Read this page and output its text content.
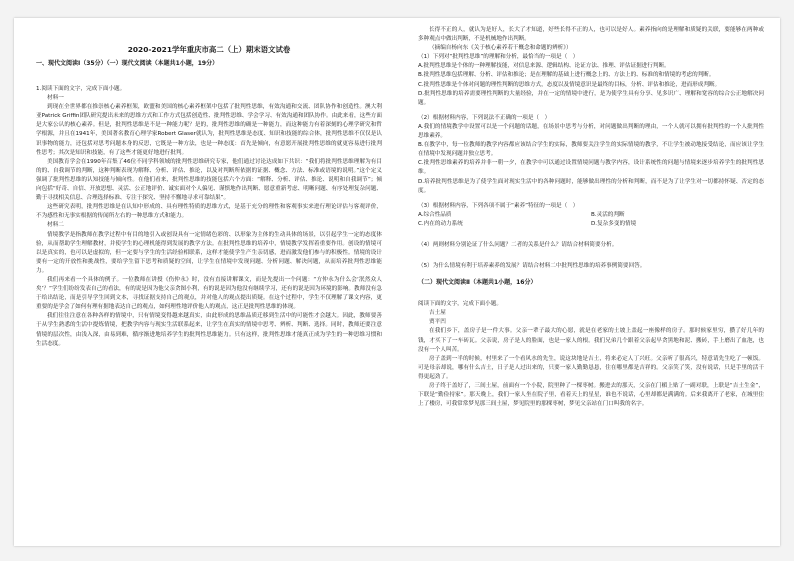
2020-2021学年重庆市高二（上）期末语文试卷
一、现代文阅读Ⅰ（35分）（一）现代文阅读（本题共1小题，19分）

1.阅读下面的文字，完成下面小题。

材料一

到现在全世界都在推崇核心素养框架，欧盟和美国的核心素养框架中包括了批判性思维，有效沟通和交流、团队协作和创造性。澳大利亚Patrick Griffin团队研究提出未来的思维方式和工作方式包括创造性、批判性思维、学会学习、有效沟通和团队协作。由此来看，这些方面是大家公认的核心素养。但是，批判性思维是不是一种能力呢？是的，批判性思维的确是一种能力，而这种能力有着深刻的心理学研究和哲学根源，并且在1941年，美国著名教育心理学家Robert Glaser就认为，批判性思维是态度、知识和技能的综合体，批判性思维不仅仅是认识事物的能力，还包括对思考问题本身的反思，它既是一种方法，也是一种态度：首先是倾向，有意愿开展批判性思维的就更容易进行批判性思考；其次是知识和技能，有了这些才能更好地进行批判。

美国教育学会在1990年召集了46位不同学科领域的批判性思维研究专家，他们通过讨论达成如下共识：“我们将批判性思维理解为有目的的、自我调节的判断，这种判断表现为解释、分析、评估、推论，以及对判断所依据的证据、概念、方法、标准或语境的说明。”这个定义强调了批判性思维的认知技能与倾向性。在他们看来，批判性思维的技能包括六个方面：“解释、分析、评估、推论、说明和自我调节”；倾向包括“好奇、自信、开放思想、灵活、公正地评价、诚实面对个人偏见、谨慎地作出判断、愿意重新考虑、明晰问题、有序处理复杂问题、勤于寻找相关信息、合理选择标准、专注于探究、坚持不懈地寻求可靠结果”。

这些研究表明，批判性思维是在认知中形成的、具有理性特质的思维方式，是基于充分的理性和客观事实来进行理论评估与客观评价，不为感性和无事实根据的传闻所左右的一种思维方式和能力。

材料二

情境教学是指教师在教学过程中有目的地引入或创设具有一定情绪色彩的、以形象为主体的生动具体的场景，以引起学生一定的态度体验，从而帮助学生理解教材，并使学生的心理机能得到发展的教学方法。在批判性思维的培养中，情境教学发挥着重要作用。创设的情境可以是真实的，也可以是虚拟的，但一定要与学生的生活经验相联系，这样才能使学生产生亲切感，进而激发他们参与的积极性。情境的设计要有一定的开放性和挑战性，要给学生留下思考和质疑的空间，让学生在情境中发现问题、分析问题、解决问题，从而培养批判性思维能力。

我们再来看一个具体的例子。一位教师在讲授《伤仲永》时，没有直接讲解课文，而是先提出一个问题：“方仲永为什么会‘泯然众人矣’？”学生们纷纷发表自己的看法，有的说是因为他父亲贪图小利，有的说是因为他没有继续学习，还有的说是因为环境的影响。教师没有急于给出结论，而是引导学生回到文本，寻找证据支持自己的观点，并对他人的观点提出质疑。在这个过程中，学生不仅理解了课文内容，更重要的是学会了如何有理有据地表达自己的观点，如何理性地评价他人的观点，这正是批判性思维的体现。

我们往往注意在各种各样的情境中，只有情境变得越来越真实，由此形成的思维品质迁移到生活中的可能性才会越大。因此，教师要善于从学生熟悉的生活中提炼情境，把教学内容与现实生活联系起来，让学生在真实的情境中思考、辨析、判断、选择。同时，教师还要注意情境的层次性，由浅入深，由易到难，循序渐进地培养学生的批判性思维能力。只有这样，批判性思维才能真正成为学生的一种思维习惯和生活态度。

长得不正的人，就认为是好人，长大了才知道，好些长得不正的人，也可以是好人。素养指向的是理解和质疑的关联，要能够在两种或多种观点中做出判断，不是机械地作出判断。

（摘编自杨向东《关于核心素养若干概念和命题的辨析》）

（1）下列对“批判性思维”的理解和分析，最恰当的一项是（　）

A.批判性思维是个体的一种理解技能，对信息来源、逻辑结构、论证方法、推理、评估证据进行判断。

B.批判性思维包括理解、分析、评估和推论；是在理解的基础上进行概念上的、方法上的、标准的和情境的考虑的判断。

C.批判性思维是个体对问题的理性判断的思维方式，态度以及情境意识是最终的目标，分析、评估和推论，进而形成判断。

D.批判性思维的培养需要理性判断的大量经验，并在一定的情境中进行，是为使学生具有分享、见多识广、理解和宽容的综合公正地解决问题。

（2）根据材料内容，下列说法不正确的一项是（　）

A.我们的情境教学中设置可以是一个问题的话题，在场景中思考与分析，对问题做出判断的理由，一个人就可以拥有批判性的一个人批判性思维素养。

B.在教学中，每一位教师的教学内容都应该结合学生的实际，教师要关注学生的实际情境的教学，不让学生被动地接受结论，而应该让学生在情境中发现问题并独立思考。

C.批判性思维素养的培养并非一朝一夕，在教学中可以通过设置情境问题与教学内容，设计系统性的问题与情境来逐步培养学生的批判性思维。

D.培养批判性思维是为了使学生面对现实生活中的各种问题时，能够做出理性的分析和判断，而不是为了让学生对一切都持怀疑、否定的态度。

（3）根据材料内容，下列各项不属于“素养”特征的一项是（　）

A.综合性品质	B.灵活的判断
C.内在的动力系统	D.复杂多变的情境

（4）两则材料分别论证了什么问题？二者的关系是什么？请结合材料简要分析。

（5）为什么情境有利于培养素养的发展？请结合材料二中批判性思维的培养事例简要回答。

（二）现代文阅读Ⅱ（本题共1小题，16分）

阅读下面的文字，完成下面小题。

吉土屋

贾平凹

在我们乡下，盖房子是一件大事。父亲一辈子最大的心愿，就是在老家的土坡上盖起一座像样的房子。那时候家里穷，攒了好几年的钱，才买下了一车砖瓦。父亲说，房子是人的脸面，也是一家人的根。我们兄弟几个跟着父亲起早贪黑地和泥、搬砖，手上磨出了血泡，也没有一个人叫苦。

房子盖到一半的时候，村里来了一个看风水的先生，说这块地是吉土，将来必定人丁兴旺。父亲听了很高兴，特意请先生吃了一顿饭。可是母亲却说，哪有什么吉土，日子是人过出来的，只要一家人勤勤恳恳，住在哪里都是吉祥的。父亲笑了笑，没有说话，只是手里的活干得更起劲了。

房子终于盖好了，三间土屋，前面有一个小院，院里种了一棵枣树。搬进去的那天，父亲在门楣上贴了一副对联，上联是“吉土生金”，下联是“勤俭持家”。那天晚上，我们一家人坐在院子里，看着天上的星星，谁也不说话，心里却都是满满的。后来我离开了老家，在城里住上了楼房，可我常常梦见那三间土屋，梦见院里的那棵枣树，梦见父亲站在门口叫我的名字。
